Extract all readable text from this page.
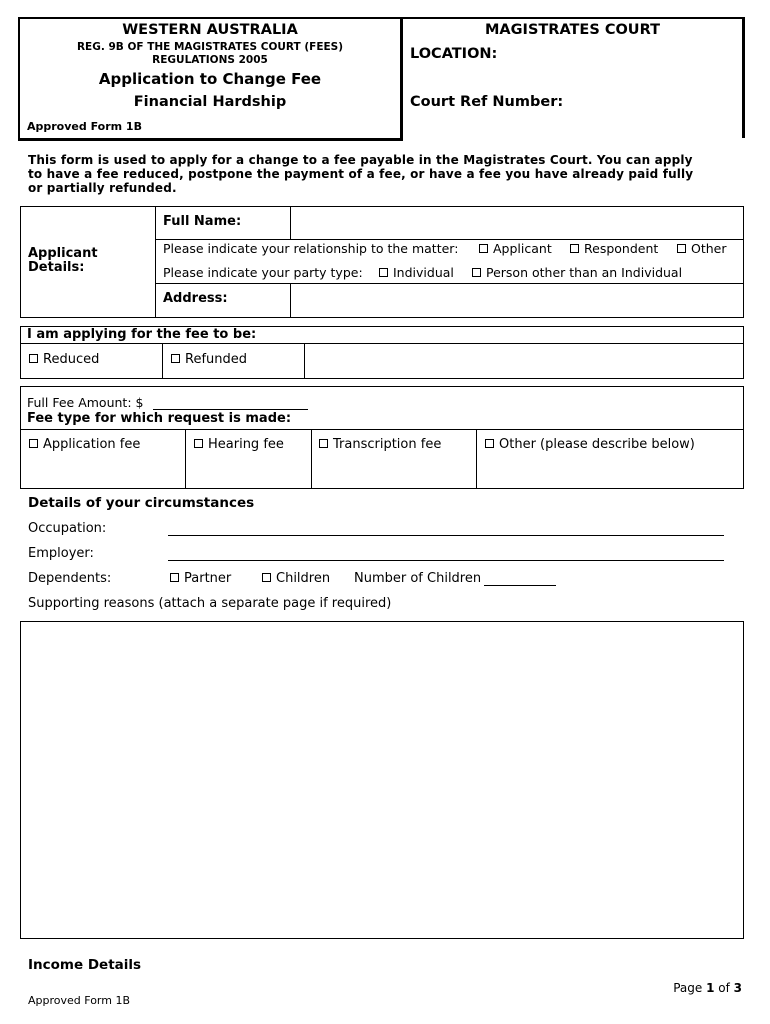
WESTERN AUSTRALIA
REG. 9B OF THE MAGISTRATES COURT (FEES)
REGULATIONS 2005
Application to Change Fee
Financial Hardship
Approved Form 1B
MAGISTRATES COURT
LOCATION:
Court Ref Number:
This form is used to apply for a change to a fee payable in the Magistrates Court. You can apply
to have a fee reduced, postpone the payment of a fee, or have a fee you have already paid fully
or partially refunded.
Applicant
Details:
Full Name:
Please indicate your relationship to the matter:	Applicant	Respondent	Other
Please indicate your party type:	Individual	Person other than an Individual
Address:
I am applying for the fee to be:
Reduced	Refunded
Full Fee Amount: $
Fee type for which request is made:
Application fee	Hearing fee	Transcription fee	Other (please describe below)
Details of your circumstances
Occupation:
Employer:
Dependents:	Partner	Children Number of Children
Supporting reasons (attach a separate page if required)
Income Details
Page 1 of 3
Approved Form 1B
